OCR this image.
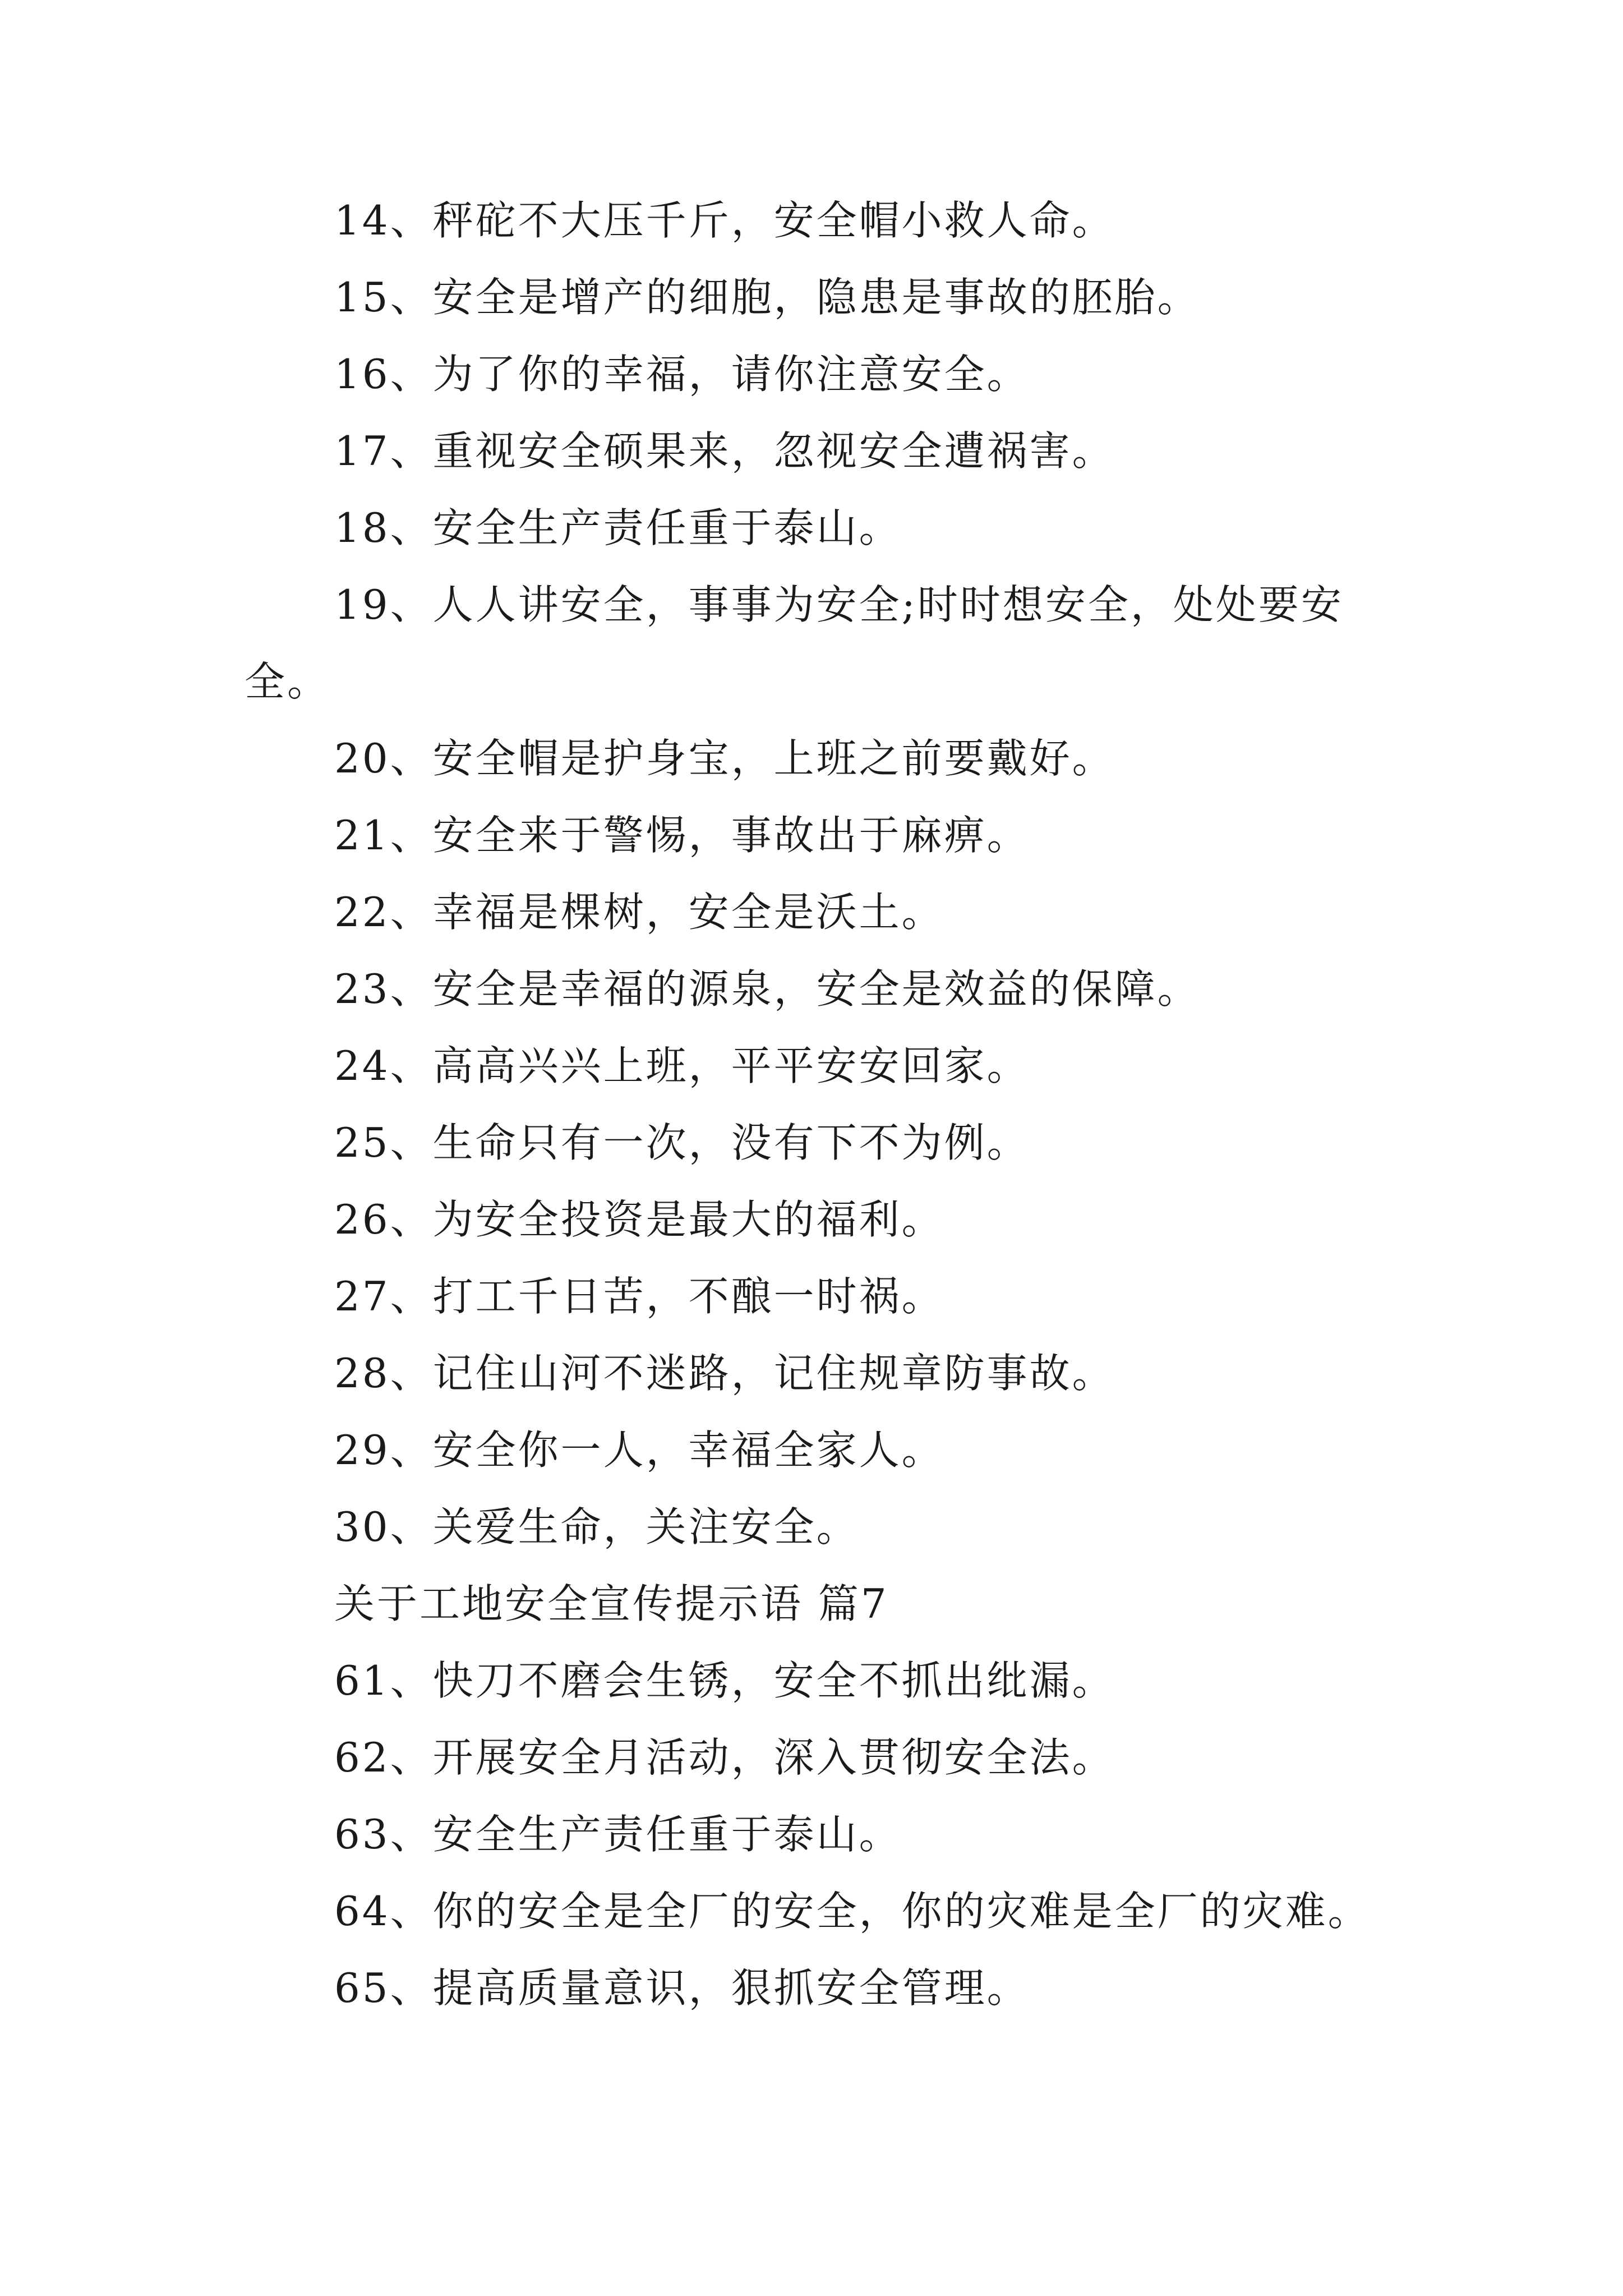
14、秤砣不大压千斤，安全帽小救人命。

15、安全是增产的细胞，隐患是事故的胚胎。

16、为了你的幸福，请你注意安全。

17、重视安全硕果来，忽视安全遭祸害。

18、安全生产责任重于泰山。

19、人人讲安全，事事为安全;时时想安全，处处要安全。

20、安全帽是护身宝，上班之前要戴好。

21、安全来于警惕，事故出于麻痹。

22、幸福是棵树，安全是沃土。

23、安全是幸福的源泉，安全是效益的保障。

24、高高兴兴上班，平平安安回家。

25、生命只有一次，没有下不为例。

26、为安全投资是最大的福利。

27、打工千日苦，不酿一时祸。

28、记住山河不迷路，记住规章防事故。

29、安全你一人，幸福全家人。

30、关爱生命，关注安全。

关于工地安全宣传提示语 篇7

61、快刀不磨会生锈，安全不抓出纰漏。

62、开展安全月活动，深入贯彻安全法。

63、安全生产责任重于泰山。

64、你的安全是全厂的安全，你的灾难是全厂的灾难。

65、提高质量意识，狠抓安全管理。
